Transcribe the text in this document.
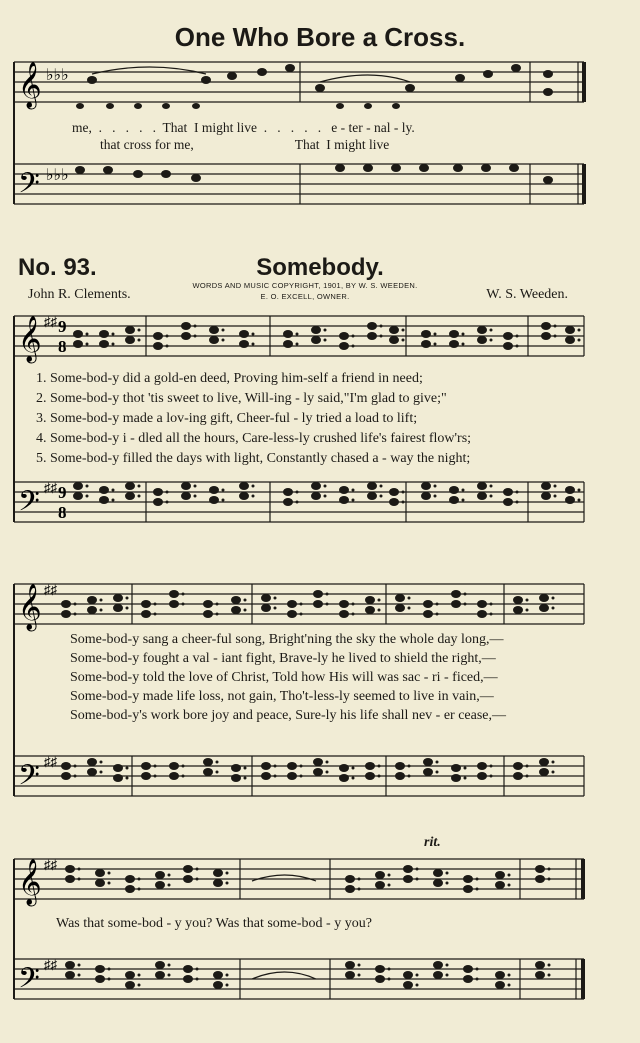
One Who Bore a Cross.
𝄞
𝄢
♭♭♭
♭♭♭
me,  .   .   .   .   .  That  I might live  .   .   .   .   .   e - ter - nal - ly.
that cross for me,                              That  I might live
No. 93.	Somebody.
John R. Clements.
WORDS AND MUSIC COPYRIGHT, 1901, BY W. S. WEEDEN.
E. O. EXCELL, OWNER.	W. S. Weeden.
𝄞
𝄢
♯♯
♯♯
9
8
9
8
1. Some-bod-y did a gold-en deed, Proving him-self a friend in need;
2. Some-bod-y thot 'tis sweet to live, Will-ing - ly said,"I'm glad to give;"
3. Some-bod-y made a lov-ing gift, Cheer-ful - ly tried a load to lift;
4. Some-bod-y i - dled all the hours, Care-less-ly crushed life's fairest flow'rs;
5. Some-bod-y filled the days with light, Constantly chased a - way the night;
𝄞
𝄢
♯♯
♯♯
Some-bod-y sang a cheer-ful song, Bright'ning the sky the whole day long,—
Some-bod-y fought a val - iant fight, Brave-ly he lived to shield the right,—
Some-bod-y told the love of Christ, Told how His will was sac - ri - ficed,—
Some-bod-y made life loss, not gain, Tho't-less-ly seemed to live in vain,—
Some-bod-y's work bore joy and peace, Sure-ly his life shall nev - er cease,—
rit.
𝄞
𝄢
♯♯
♯♯
Was that some-bod - y you? Was that some-bod - y you?
